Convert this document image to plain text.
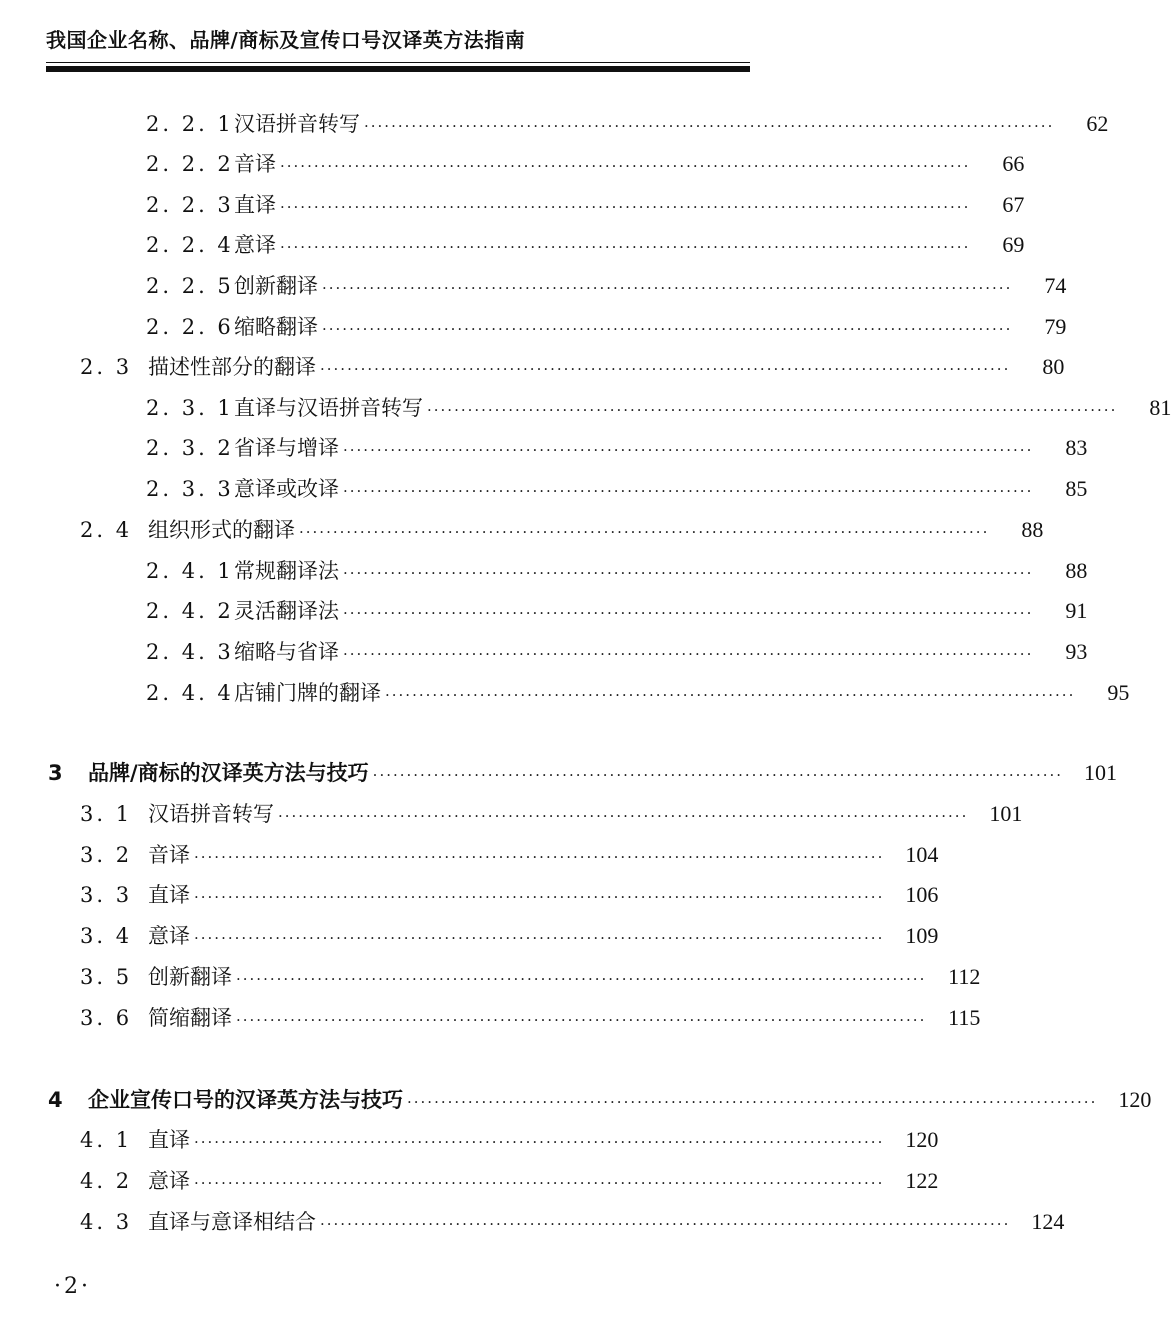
我国企业名称、品牌/商标及宣传口号汉译英方法指南
2. 2. 1 汉语拼音转写 ······································································································	62
2. 2. 2 音译 ······································································································	66
2. 2. 3 直译 ······································································································	67
2. 2. 4 意译 ······································································································	69
2. 2. 5 创新翻译 ······································································································	74
2. 2. 6 缩略翻译 ······································································································	79
2. 3 描述性部分的翻译 ······································································································	80
2. 3. 1 直译与汉语拼音转写 ······································································································	81
2. 3. 2 省译与增译 ······································································································	83
2. 3. 3 意译或改译 ······································································································	85
2. 4 组织形式的翻译 ······································································································	88
2. 4. 1 常规翻译法 ······································································································	88
2. 4. 2 灵活翻译法 ······································································································	91
2. 4. 3 缩略与省译 ······································································································	93
2. 4. 4 店铺门牌的翻译 ······································································································	95
3	品牌/商标的汉译英方法与技巧 ······································································································ 101
3. 1 汉语拼音转写 ······································································································ 101
3. 2 音译 ······································································································ 104
3. 3 直译 ······································································································ 106
3. 4 意译 ······································································································ 109
3. 5 创新翻译 ······································································································ 112
3. 6 简缩翻译 ······································································································ 115
4	企业宣传口号的汉译英方法与技巧 ······································································································ 120
4. 1 直译 ······································································································ 120
4. 2 意译 ······································································································ 122
4. 3 直译与意译相结合 ······································································································ 124
·2·
